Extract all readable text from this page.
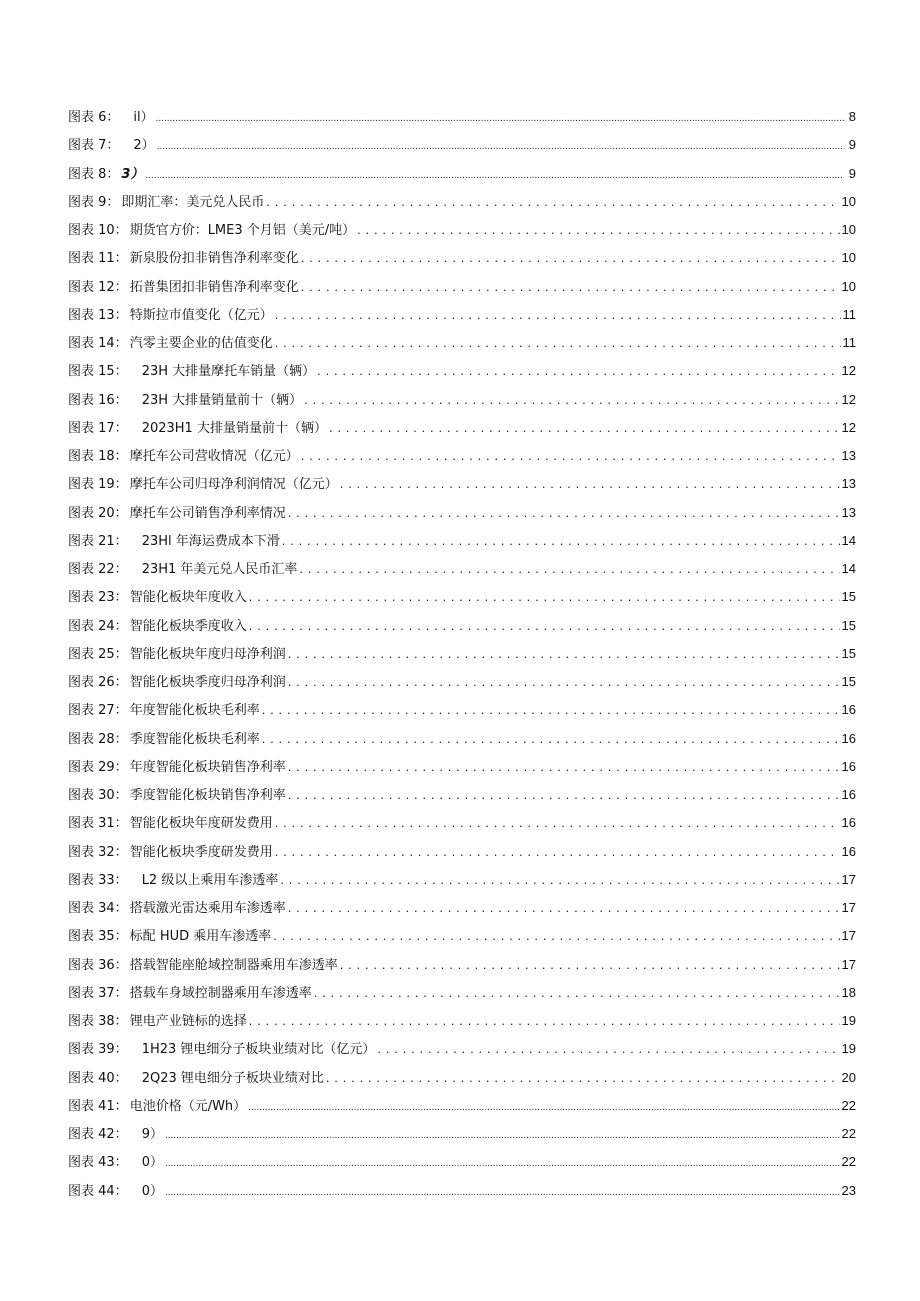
图表 6：	il） .....	8
图表 7：	2） .....	9
图表 8： 3） .....	9
图表 9： 即期汇率：美元兑人民币 . . .	10
图表 10： 期货官方价：LME3 个月铝（美元/吨） . . .	10
图表 11： 新泉股份扣非销售净利率变化 . . .	10
图表 12： 拓普集团扣非销售净利率变化 . . .	10
图表 13： 特斯拉市值变化（亿元） . . .	11
图表 14： 汽零主要企业的估值变化 . . .	11
图表 15：	23H 大排量摩托车销量（辆） . . .	12
图表 16：	23H 大排量销量前十（辆） . . .	12
图表 17：	2023H1 大排量销量前十（辆） . . .	12
图表 18： 摩托车公司营收情况（亿元） . . .	13
图表 19： 摩托车公司归母净利润情况（亿元） . . .	13
图表 20： 摩托车公司销售净利率情况 . . .	13
图表 21：	23Hl 年海运费成本下滑 . . .	14
图表 22：	23H1 年美元兑人民币汇率 . . .	14
图表 23： 智能化板块年度收入 . . .	15
图表 24： 智能化板块季度收入 . . .	15
图表 25： 智能化板块年度归母净利润 . . .	15
图表 26： 智能化板块季度归母净利润 . . .	15
图表 27： 年度智能化板块毛利率 . . .	16
图表 28： 季度智能化板块毛利率 . . .	16
图表 29： 年度智能化板块销售净利率 . . .	16
图表 30： 季度智能化板块销售净利率 . . .	16
图表 31： 智能化板块年度研发费用 . . .	16
图表 32： 智能化板块季度研发费用 . . .	16
图表 33：	L2 级以上乘用车渗透率 . . .	17
图表 34： 搭载激光雷达乘用车渗透率 . . .	17
图表 35： 标配 HUD 乘用车渗透率 . . .	17
图表 36： 搭载智能座舱域控制器乘用车渗透率 . . .	17
图表 37： 搭载车身域控制器乘用车渗透率 . . .	18
图表 38： 锂电产业链标的选择 . . .	19
图表 39：	1H23 锂电细分子板块业绩对比（亿元） . . .	19
图表 40：	2Q23 锂电细分子板块业绩对比 . . .	20
图表 41： 电池价格（元/Wh） .....	22
图表 42：	9） .....	22
图表 43：	0） .....	22
图表 44：	0） .....	23
